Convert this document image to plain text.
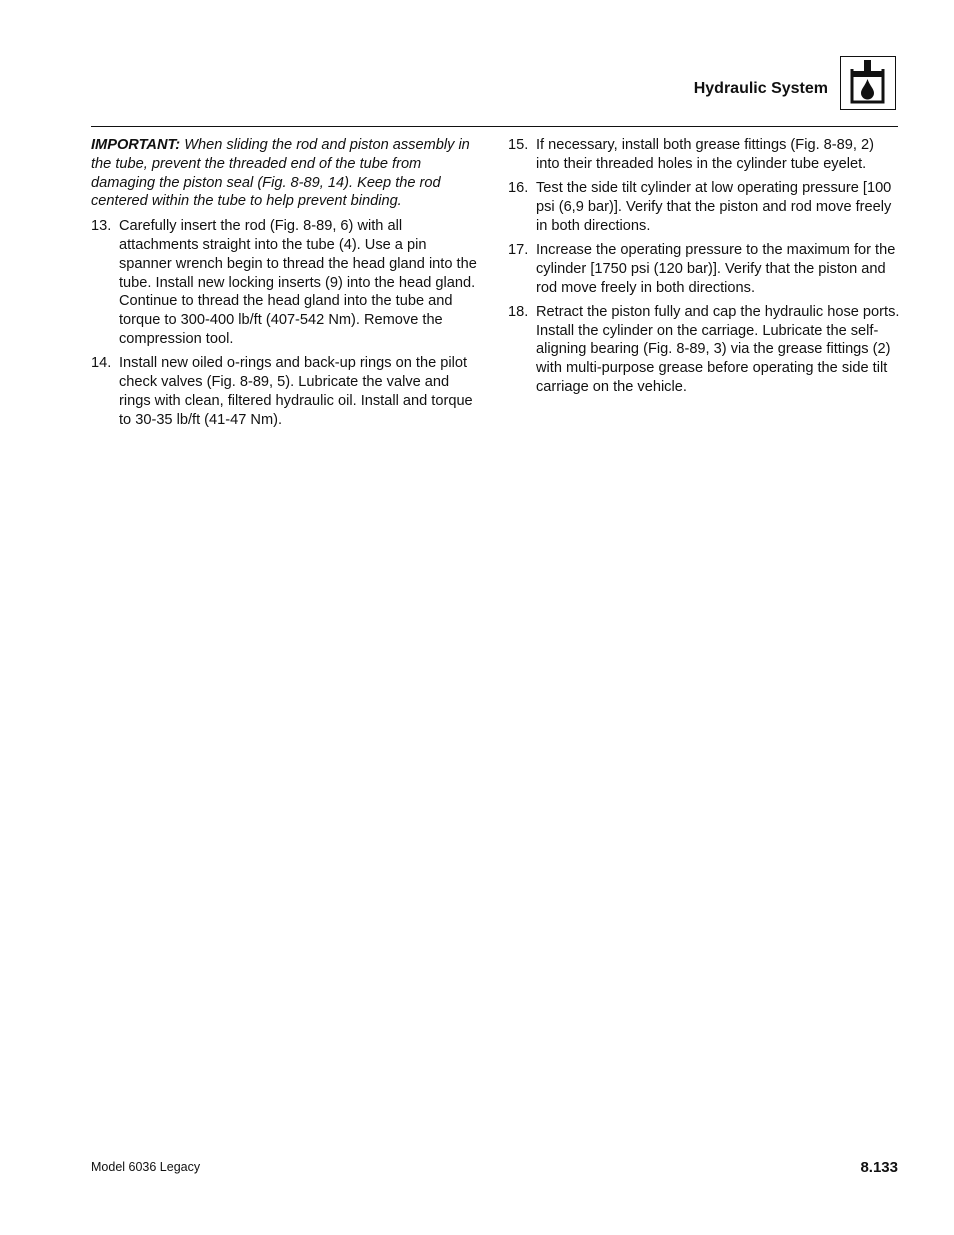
Hydraulic System

IMPORTANT: When sliding the rod and piston assembly in the tube, prevent the threaded end of the tube from damaging the piston seal (Fig. 8-89, 14). Keep the rod centered within the tube to help prevent binding.

13. Carefully insert the rod (Fig. 8-89, 6) with all attachments straight into the tube (4). Use a pin spanner wrench begin to thread the head gland into the tube. Install new locking inserts (9) into the head gland. Continue to thread the head gland into the tube and torque to 300-400 lb/ft (407-542 Nm). Remove the compression tool.
14. Install new oiled o-rings and back-up rings on the pilot check valves (Fig. 8-89, 5). Lubricate the valve and rings with clean, filtered hydraulic oil. Install and torque to 30-35 lb/ft (41-47 Nm).
15. If necessary, install both grease fittings (Fig. 8-89, 2) into their threaded holes in the cylinder tube eyelet.
16. Test the side tilt cylinder at low operating pressure [100 psi (6,9 bar)]. Verify that the piston and rod move freely in both directions.
17. Increase the operating pressure to the maximum for the cylinder [1750 psi (120 bar)]. Verify that the piston and rod move freely in both directions.
18. Retract the piston fully and cap the hydraulic hose ports. Install the cylinder on the carriage. Lubricate the self-aligning bearing (Fig. 8-89, 3) via the grease fittings (2) with multi-purpose grease before operating the side tilt carriage on the vehicle.
Model 6036 Legacy	8.133
